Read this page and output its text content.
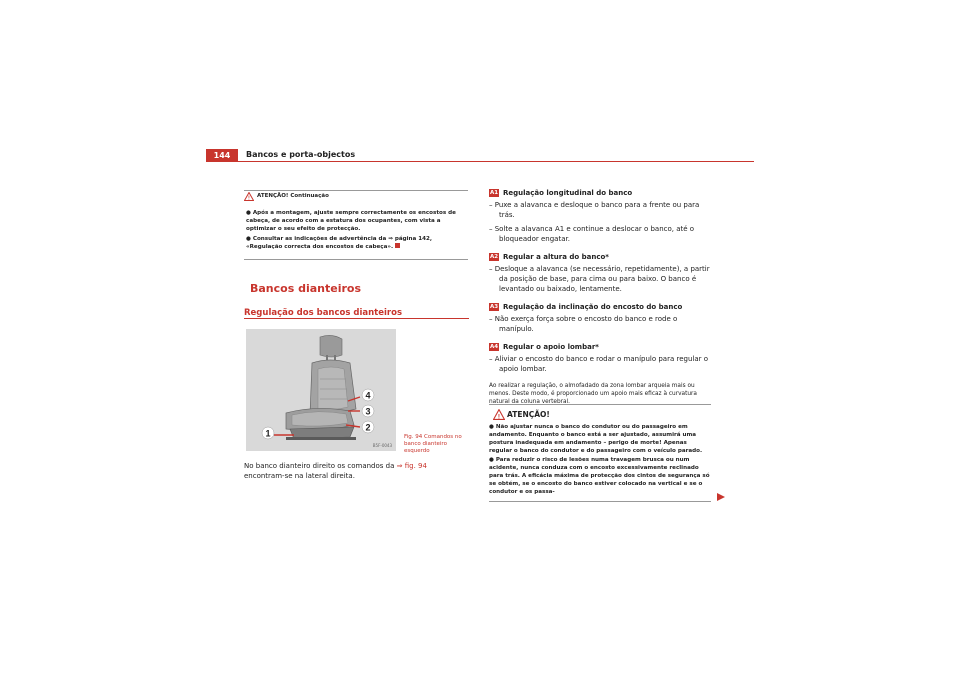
144	Bancos e porta-objectos
! ATENÇÃO! Continuação

● Após a montagem, ajuste sempre correctamente os encostos de cabeça, de acordo com a estatura dos ocupantes, com vista a optimizar o seu efeito de protecção.

● Consultar as indicações de advertência da ⇒ página 142, «Regulação correcta dos encostos de cabeça».

Bancos dianteiros
Regulação dos bancos dianteiros
1
2
3
4
B5F-0043
Fig. 94 Comandos no banco dianteiro esquerdo
No banco dianteiro direito os comandos da ⇒ fig. 94 encontram-se na lateral direita.

A1 Regulação longitudinal do banco

– Puxe a alavanca e desloque o banco para a frente ou para trás.

– Solte a alavanca A1 e continue a deslocar o banco, até o bloqueador engatar.

A2 Regular a altura do banco*

– Desloque a alavanca (se necessário, repetidamente), a partir da posição de base, para cima ou para baixo. O banco é levantado ou baixado, lentamente.

A3 Regulação da inclinação do encosto do banco

– Não exerça força sobre o encosto do banco e rode o manípulo.

A4 Regular o apoio lombar*

– Aliviar o encosto do banco e rodar o manípulo para regular o apoio lombar.

Ao realizar a regulação, o almofadado da zona lombar arqueia mais ou menos. Deste modo, é proporcionado um apoio mais eficaz à curvatura natural da coluna vertebral.

! ATENÇÃO!

● Não ajustar nunca o banco do condutor ou do passageiro em andamento. Enquanto o banco está a ser ajustado, assumirá uma postura inadequada em andamento – perigo de morte! Apenas regular o banco do condutor e do passageiro com o veículo parado.

● Para reduzir o risco de lesões numa travagem brusca ou num acidente, nunca conduza com o encosto excessivamente reclinado para trás. A eficácia máxima de protecção dos cintos de segurança só se obtém, se o encosto do banco estiver colocado na vertical e se o condutor e os passa-
